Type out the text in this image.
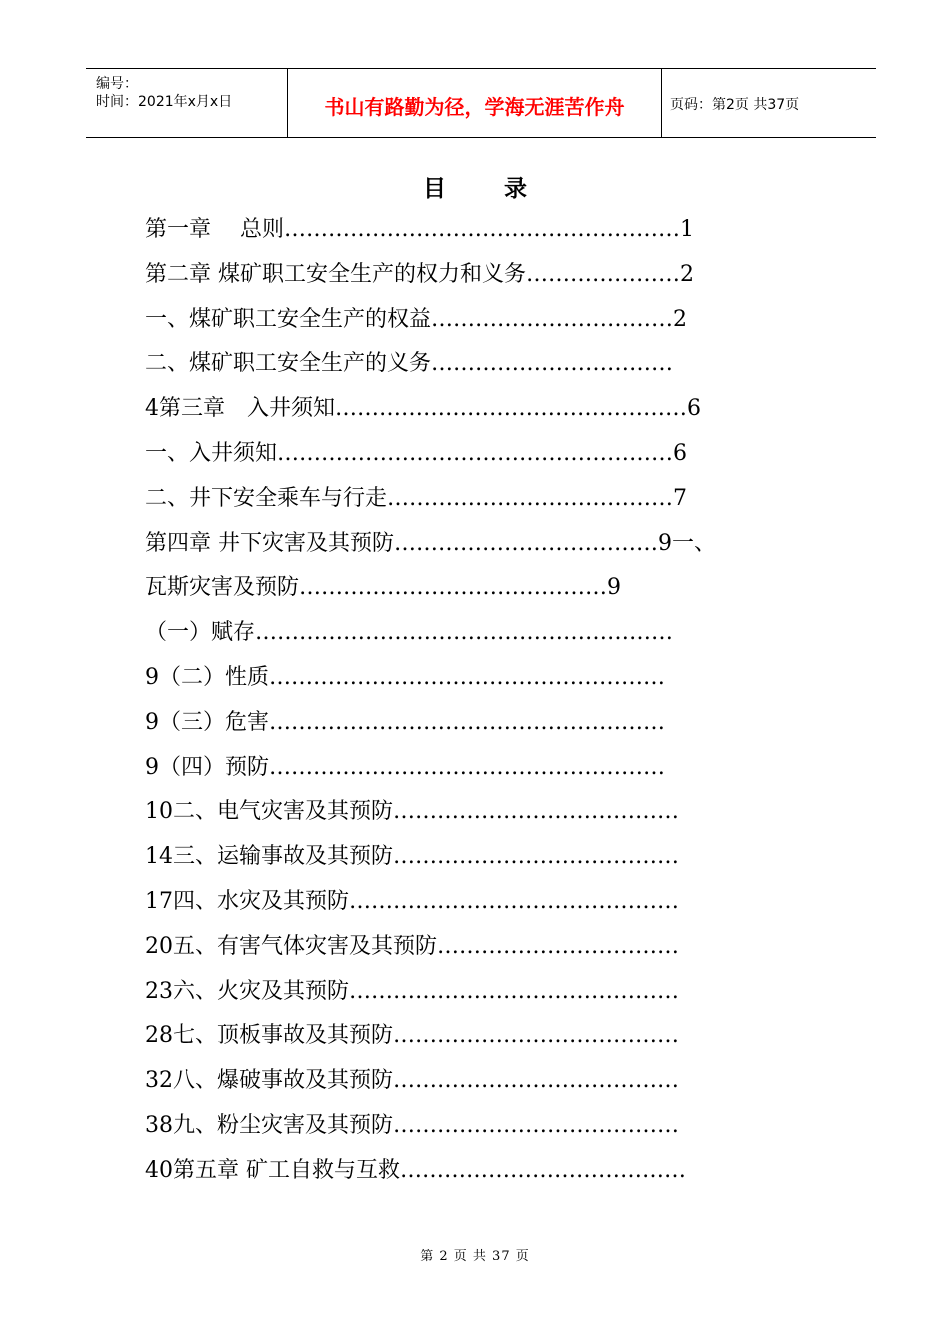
编号：
时间：2021年x月x日	书山有路勤为径，学海无涯苦作舟	页码：第2页 共37页
目录
第一章　 总则………………………………………………1
第二章 煤矿职工安全生产的权力和义务…………………2
一、煤矿职工安全生产的权益……………………………2
二、煤矿职工安全生产的义务……………………………
4第三章　入井须知…………………………………………6
一、入井须知………………………………………………6
二、井下安全乘车与行走…………………………………7
第四章 井下灾害及其预防………………………………9一、
瓦斯灾害及预防……………………………………9
（一）赋存…………………………………………………
9（二）性质………………………………………………
9（三）危害………………………………………………
9（四）预防………………………………………………
10二、电气灾害及其预防…………………………………
14三、运输事故及其预防…………………………………
17四、水灾及其预防………………………………………
20五、有害气体灾害及其预防……………………………
23六、火灾及其预防………………………………………
28七、顶板事故及其预防…………………………………
32八、爆破事故及其预防…………………………………
38九、粉尘灾害及其预防…………………………………
40第五章 矿工自救与互救…………………………………
第 2 页 共 37 页
